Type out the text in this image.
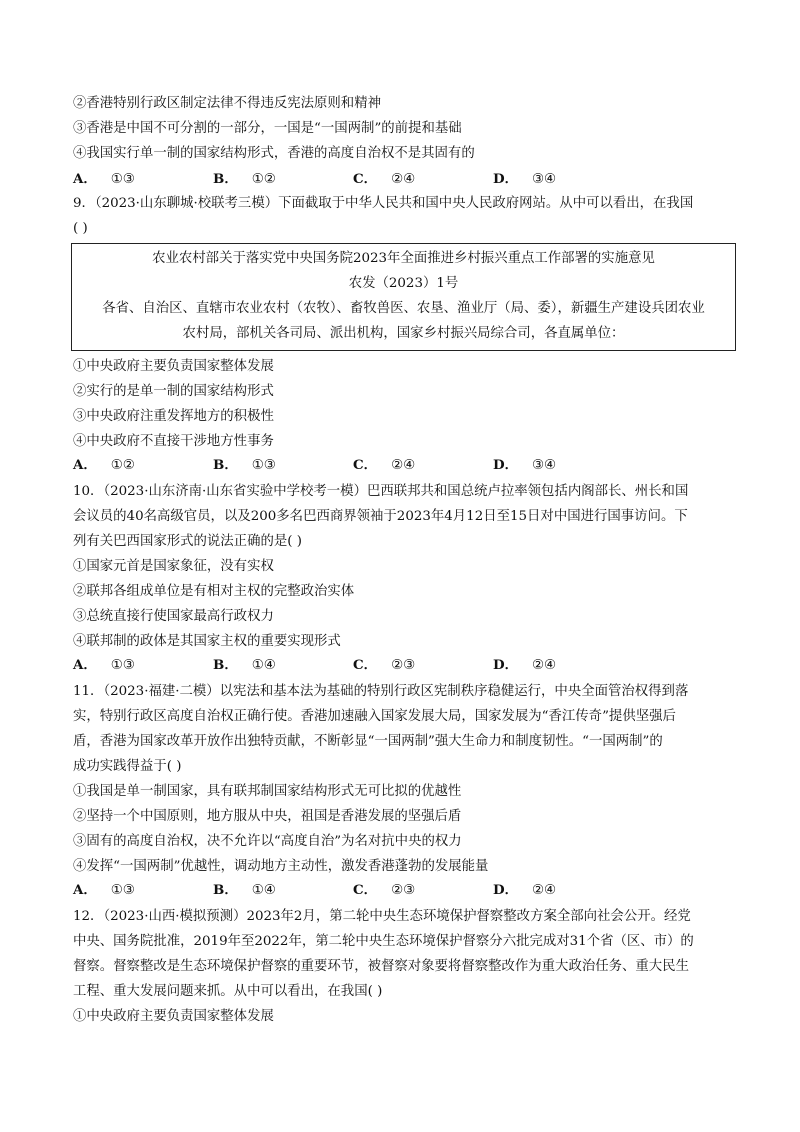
②香港特别行政区制定法律不得违反宪法原则和精神
③香港是中国不可分割的一部分，一国是“一国两制”的前提和基础
④我国实行单一制的国家结构形式，香港的高度自治权不是其固有的
A． ①③	B． ①②	C． ②④	D． ③④
9．（2023·山东聊城·校联考三模）下面截取于中华人民共和国中央人民政府网站。从中可以看出，在我国
( )
农业农村部关于落实党中央国务院2023年全面推进乡村振兴重点工作部署的实施意见
农发（2023）1号
各省、自治区、直辖市农业农村（农牧）、畜牧兽医、农垦、渔业厅（局、委），新疆生产建设兵团农业
农村局，部机关各司局、派出机构，国家乡村振兴局综合司，各直属单位：
①中央政府主要负责国家整体发展
②实行的是单一制的国家结构形式
③中央政府注重发挥地方的积极性
④中央政府不直接干涉地方性事务
A． ①②	B． ①③	C． ②④	D． ③④
10．（2023·山东济南·山东省实验中学校考一模）巴西联邦共和国总统卢拉率领包括内阁部长、州长和国
会议员的40名高级官员，以及200多名巴西商界领袖于2023年4月12日至15日对中国进行国事访问。下
列有关巴西国家形式的说法正确的是( )
①国家元首是国家象征，没有实权
②联邦各组成单位是有相对主权的完整政治实体
③总统直接行使国家最高行政权力
④联邦制的政体是其国家主权的重要实现形式
A． ①③	B． ①④	C． ②③	D． ②④
11．（2023·福建·二模）以宪法和基本法为基础的特别行政区宪制秩序稳健运行，中央全面管治权得到落
实，特别行政区高度自治权正确行使。香港加速融入国家发展大局，国家发展为“香江传奇”提供坚强后
盾，香港为国家改革开放作出独特贡献，不断彰显“一国两制”强大生命力和制度韧性。“一国两制”的
成功实践得益于( )
①我国是单一制国家，具有联邦制国家结构形式无可比拟的优越性
②坚持一个中国原则，地方服从中央，祖国是香港发展的坚强后盾
③固有的高度自治权，决不允许以“高度自治”为名对抗中央的权力
④发挥“一国两制”优越性，调动地方主动性，激发香港蓬勃的发展能量
A． ①③	B． ①④	C． ②③	D． ②④
12．（2023·山西·模拟预测）2023年2月，第二轮中央生态环境保护督察整改方案全部向社会公开。经党
中央、国务院批准，2019年至2022年，第二轮中央生态环境保护督察分六批完成对31个省（区、市）的
督察。督察整改是生态环境保护督察的重要环节，被督察对象要将督察整改作为重大政治任务、重大民生
工程、重大发展问题来抓。从中可以看出，在我国( )
①中央政府主要负责国家整体发展
